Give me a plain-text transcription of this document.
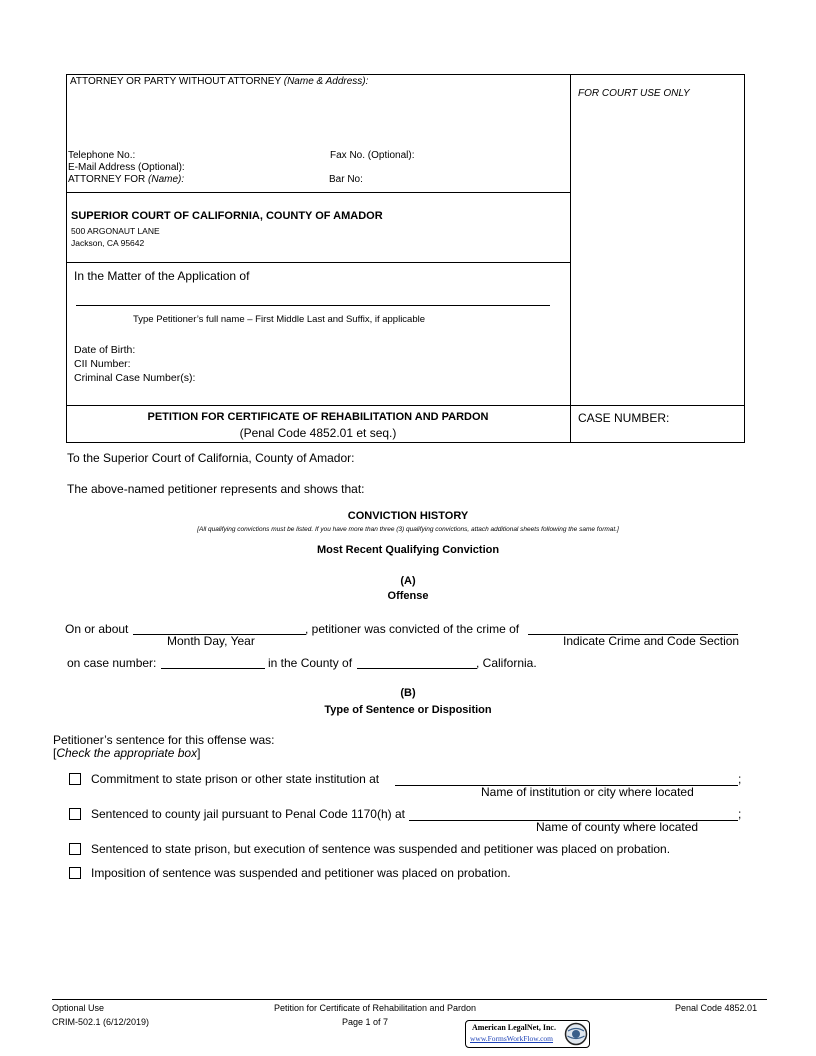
ATTORNEY OR PARTY WITHOUT ATTORNEY (Name & Address):
FOR COURT USE ONLY
Telephone No.:	Fax No. (Optional):
E-Mail Address (Optional):
ATTORNEY FOR (Name):	Bar No:
SUPERIOR COURT OF CALIFORNIA, COUNTY OF AMADOR
500 ARGONAUT LANE
Jackson, CA 95642
In the Matter of the Application of
Type Petitioner’s full name – First Middle Last and Suffix, if applicable
Date of Birth:
CII Number:
Criminal Case Number(s):
PETITION FOR CERTIFICATE OF REHABILITATION AND PARDON
(Penal Code 4852.01 et seq.)
CASE NUMBER:
To the Superior Court of California, County of Amador:
The above-named petitioner represents and shows that:
CONVICTION HISTORY
[All qualifying convictions must be listed. If you have more than three (3) qualifying convictions, attach additional sheets following the same format.]
Most Recent Qualifying Conviction
(A)
Offense
On or about	, petitioner was convicted of the crime of
Month Day, Year	Indicate Crime and Code Section
on case number:	in the County of	, California.
(B)
Type of Sentence or Disposition
Petitioner’s sentence for this offense was:
[Check the appropriate box]
Commitment to state prison or other state institution at	;
Name of institution or city where located
Sentenced to county jail pursuant to Penal Code 1170(h) at	;
Name of county where located
Sentenced to state prison, but execution of sentence was suspended and petitioner was placed on probation.
Imposition of sentence was suspended and petitioner was placed on probation.
Optional Use
CRIM-502.1 (6/12/2019)
Petition for Certificate of Rehabilitation and Pardon
Page 1 of 7
Penal Code 4852.01
American LegalNet, Inc.
www.FormsWorkFlow.com
